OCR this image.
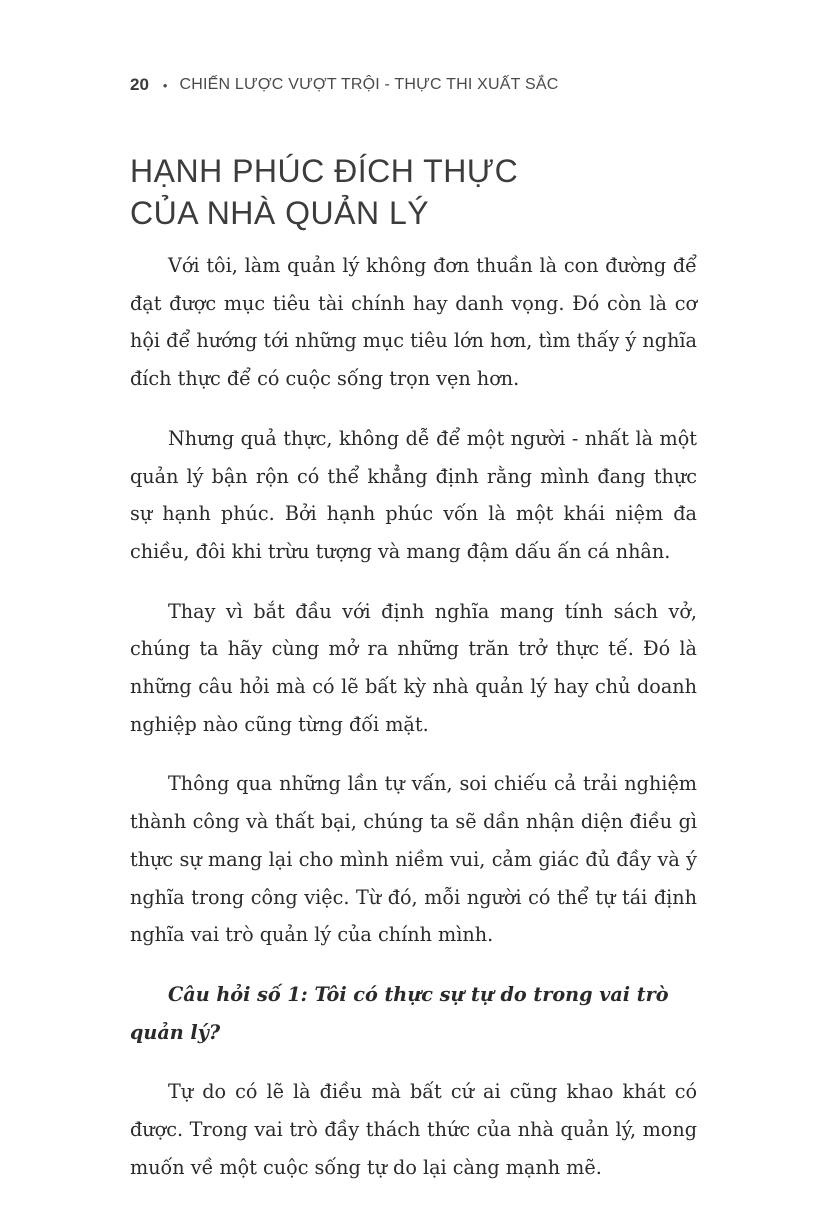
20 • CHIẾN LƯỢC VƯỢT TRỘI - THỰC THI XUẤT SẮC
HẠNH PHÚC ĐÍCH THỰC
CỦA NHÀ QUẢN LÝ

Với tôi, làm quản lý không đơn thuần là con đường để đạt được mục tiêu tài chính hay danh vọng. Đó còn là cơ hội để hướng tới những mục tiêu lớn hơn, tìm thấy ý nghĩa đích thực để có cuộc sống trọn vẹn hơn.

Nhưng quả thực, không dễ để một người - nhất là một quản lý bận rộn có thể khẳng định rằng mình đang thực sự hạnh phúc. Bởi hạnh phúc vốn là một khái niệm đa chiều, đôi khi trừu tượng và mang đậm dấu ấn cá nhân.

Thay vì bắt đầu với định nghĩa mang tính sách vở, chúng ta hãy cùng mở ra những trăn trở thực tế. Đó là những câu hỏi mà có lẽ bất kỳ nhà quản lý hay chủ doanh nghiệp nào cũng từng đối mặt.

Thông qua những lần tự vấn, soi chiếu cả trải nghiệm thành công và thất bại, chúng ta sẽ dần nhận diện điều gì thực sự mang lại cho mình niềm vui, cảm giác đủ đầy và ý nghĩa trong công việc. Từ đó, mỗi người có thể tự tái định nghĩa vai trò quản lý của chính mình.

Câu hỏi số 1: Tôi có thực sự tự do trong vai trò quản lý?

Tự do có lẽ là điều mà bất cứ ai cũng khao khát có được. Trong vai trò đầy thách thức của nhà quản lý, mong muốn về một cuộc sống tự do lại càng mạnh mẽ.
